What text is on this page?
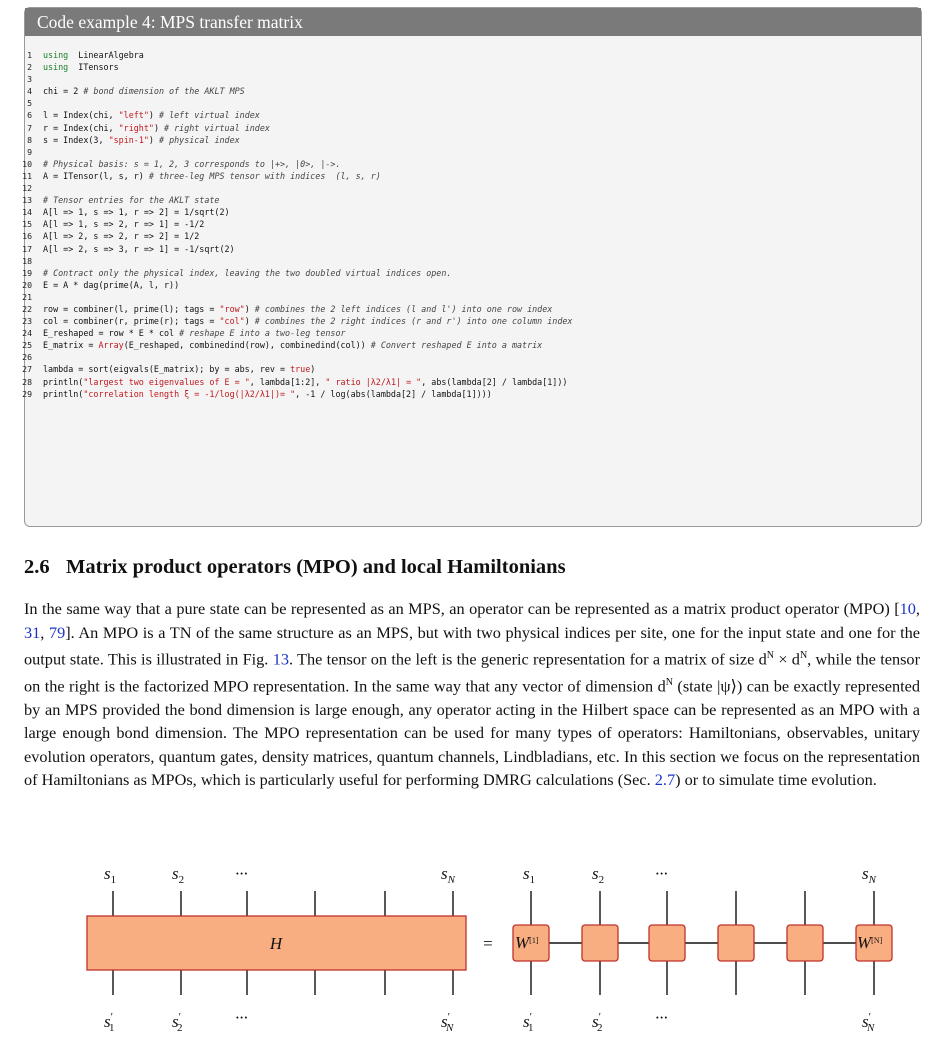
Code example 4: MPS transfer matrix
1 using  LinearAlgebra
2 using  ITensors
3
4 chi = 2 # bond dimension of the AKLT MPS
5
6 l = Index(chi, "left") # left virtual index
7 r = Index(chi, "right") # right virtual index
8 s = Index(3, "spin-1") # physical index
9
10 # Physical basis: s = 1, 2, 3 corresponds to |+>, |0>, |->.
11 A = ITensor(l, s, r) # three-leg MPS tensor with indices  (l, s, r)
12
13 # Tensor entries for the AKLT state
14 A[l => 1, s => 1, r => 2] = 1/sqrt(2)
15 A[l => 1, s => 2, r => 1] = -1/2
16 A[l => 2, s => 2, r => 2] = 1/2
17 A[l => 2, s => 3, r => 1] = -1/sqrt(2)
18
19 # Contract only the physical index, leaving the two doubled virtual indices open.
20 E = A * dag(prime(A, l, r))
21
22 row = combiner(l, prime(l); tags = "row") # combines the 2 left indices (l and l') into one row index
23 col = combiner(r, prime(r); tags = "col") # combines the 2 right indices (r and r') into one column index
24 E_reshaped = row * E * col # reshape E into a two-leg tensor
25 E_matrix = Array(E_reshaped, combinedind(row), combinedind(col)) # Convert reshaped E into a matrix
26
27 lambda = sort(eigvals(E_matrix); by = abs, rev = true)
28 println("largest two eigenvalues of E = ", lambda[1:2], " ratio |λ2/λ1| = ", abs(lambda[2] / lambda[1]))
29 println("correlation length ξ = -1/log(|λ2/λ1|)= ", -1 / log(abs(lambda[2] / lambda[1])))
2.6 Matrix product operators (MPO) and local Hamiltonians
In the same way that a pure state can be represented as an MPS, an operator can be represented as a matrix product operator (MPO) [10, 31, 79]. An MPO is a TN of the same structure as an MPS, but with two physical indices per site, one for the input state and one for the output state. This is illustrated in Fig. 13. The tensor on the left is the generic representation for a matrix of size $d^N \times d^N$, while the tensor on the right is the factorized MPO representation. In the same way that any vector of dimension $d^N$ (state |ψ⟩) can be exactly represented by an MPS provided the bond dimension is large enough, any operator acting in the Hilbert space can be represented as an MPO with a large enough bond dimension. The MPO representation can be used for many types of operators: Hamiltonians, observables, unitary evolution operators, quantum gates, density matrices, quantum channels, Lindbladians, etc. In this section we focus on the representation of Hamiltonians as MPOs, which is particularly useful for performing DMRG calculations (Sec. 2.7) or to simulate time evolution.
H
$s_1$	$s_2$	···	$s_N$
s′ 1	s′ 2
···	s′ N
= W[1]	W[N]
$s_1$	$s_2$	···	$s_N$
s′ 1	s′ 2
···	s′ N
